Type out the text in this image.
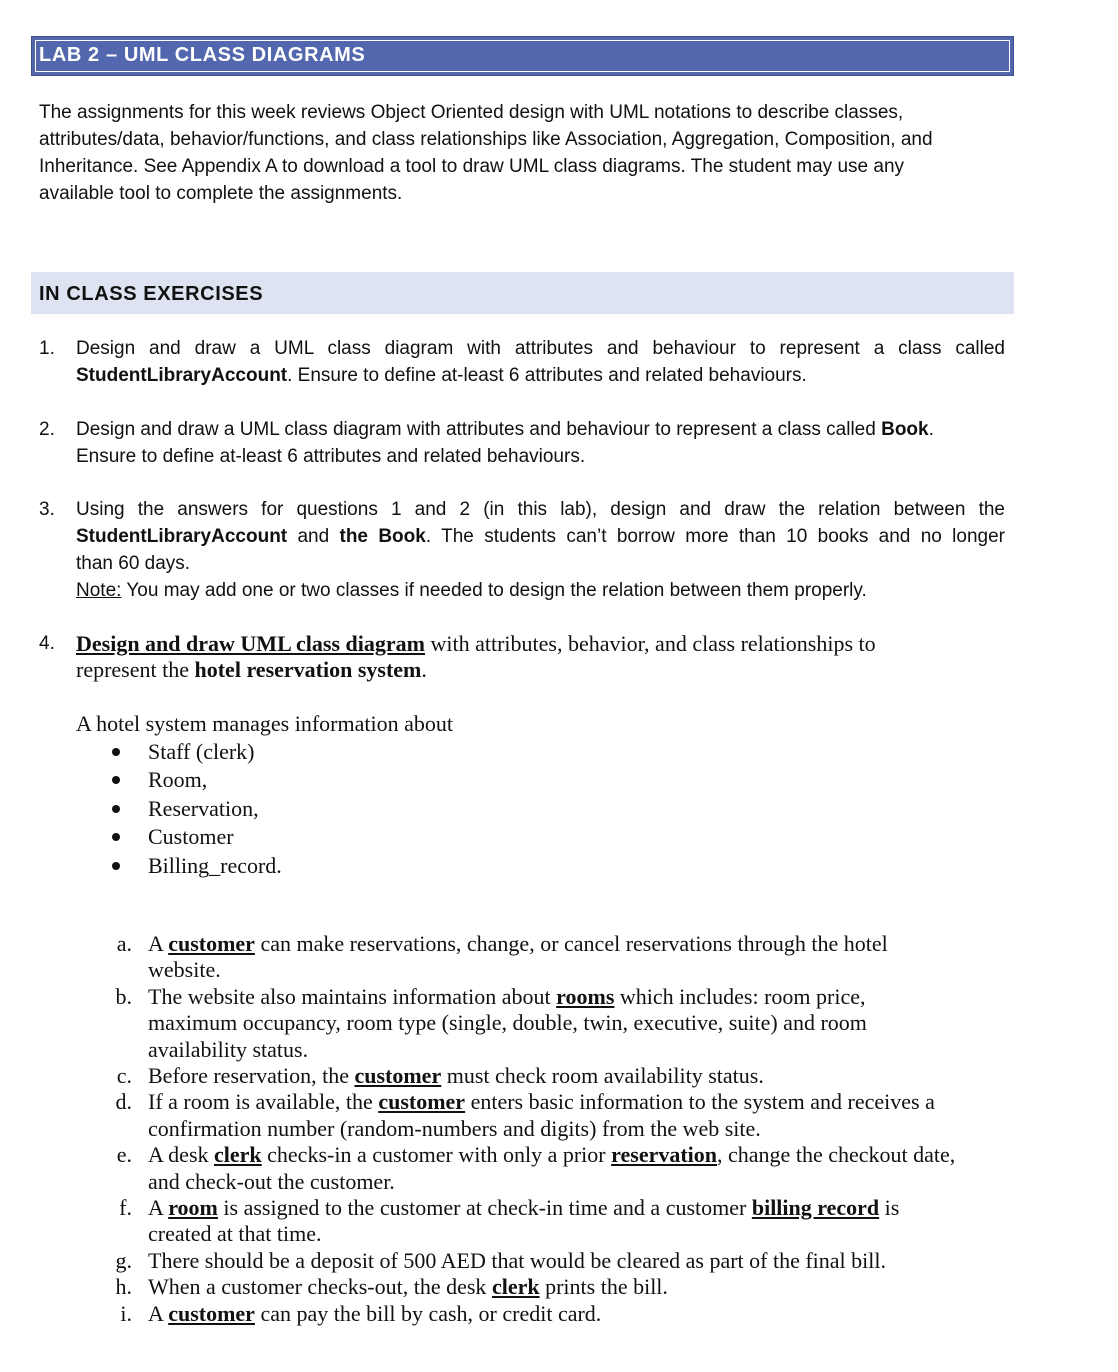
LAB 2 – UML CLASS DIAGRAMS
The assignments for this week reviews Object Oriented design with UML notations to describe classes,
attributes/data, behavior/functions, and class relationships like Association, Aggregation, Composition, and
Inheritance. See Appendix A to download a tool to draw UML class diagrams. The student may use any
available tool to complete the assignments.
IN CLASS EXERCISES
1. Design and draw a UML class diagram with attributes and behaviour to represent a class called
StudentLibraryAccount. Ensure to define at-least 6 attributes and related behaviours.
2. Design and draw a UML class diagram with attributes and behaviour to represent a class called Book.
Ensure to define at-least 6 attributes and related behaviours.
3. Using the answers for questions 1 and 2 (in this lab), design and draw the relation between the
StudentLibraryAccount and the Book. The students can’t borrow more than 10 books and no longer
than 60 days.
Note: You may add one or two classes if needed to design the relation between them properly.
4. Design and draw UML class diagram with attributes, behavior, and class relationships to
represent the hotel reservation system.
A hotel system manages information about
Staff (clerk)
Room,
Reservation,
Customer
Billing_record.
a. A customer can make reservations, change, or cancel reservations through the hotel
website.
b. The website also maintains information about rooms which includes: room price,
maximum occupancy, room type (single, double, twin, executive, suite) and room
availability status.
c. Before reservation, the customer must check room availability status.
d. If a room is available, the customer enters basic information to the system and receives a
confirmation number (random-numbers and digits) from the web site.
e. A desk clerk checks-in a customer with only a prior reservation, change the checkout date,
and check-out the customer.
f. A room is assigned to the customer at check-in time and a customer billing record is
created at that time.
g. There should be a deposit of 500 AED that would be cleared as part of the final bill.
h. When a customer checks-out, the desk clerk prints the bill.
i. A customer can pay the bill by cash, or credit card.
